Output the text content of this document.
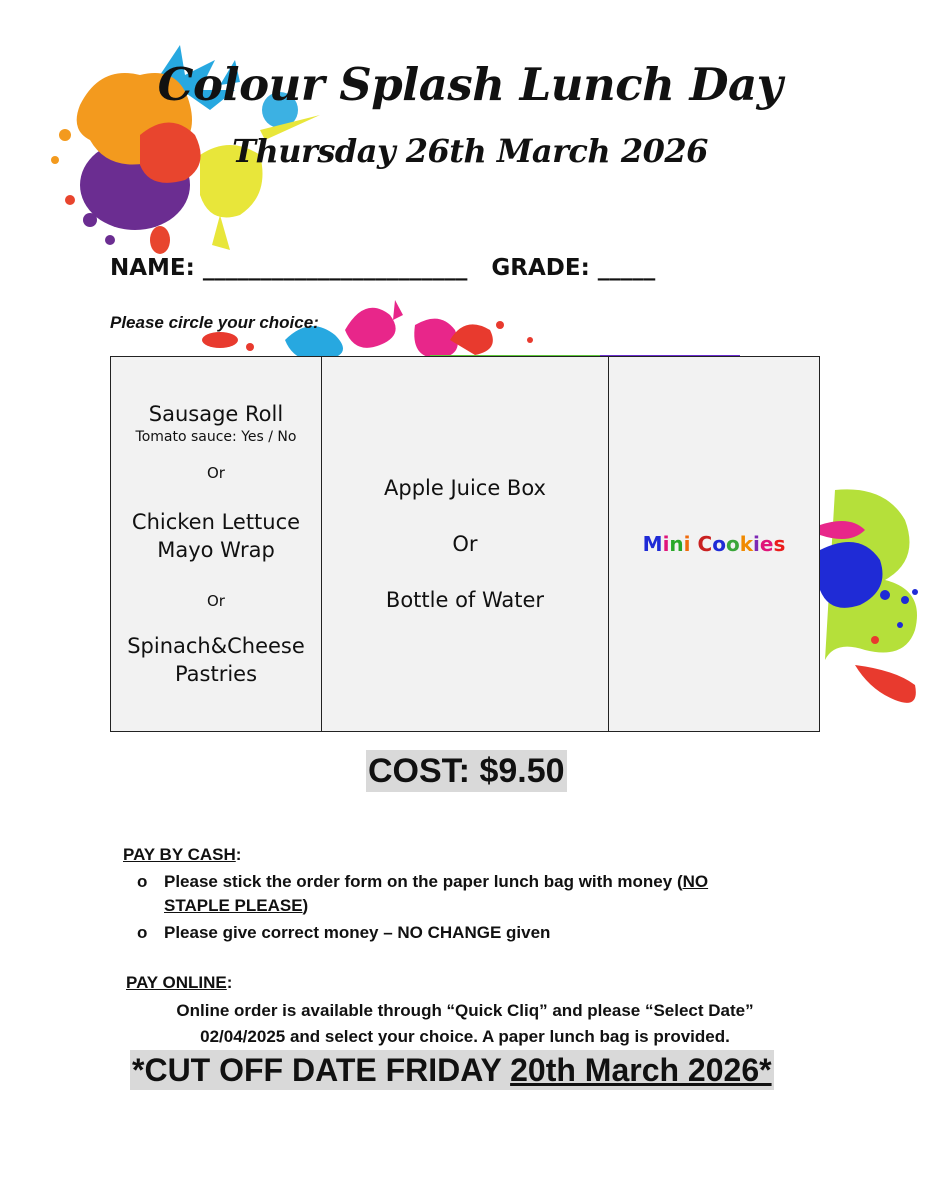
Colour Splash Lunch Day
Thursday 26th March 2026
NAME: _______________________   GRADE: _____
Please circle your choice:
Sausage Roll
Tomato sauce: Yes / No
Or
Chicken Lettuce
Mayo Wrap
Or
Spinach&Cheese
Pastries
Apple Juice Box
Or
Bottle of Water
Mini Cookies
COST: $9.50
PAY BY CASH:
o Please stick the order form on the paper lunch bag with money (NO
STAPLE PLEASE)
o Please give correct money – NO CHANGE given
PAY ONLINE:
Online order is available through “Quick Cliq” and please “Select Date”
02/04/2025 and select your choice. A paper lunch bag is provided.
*CUT OFF DATE FRIDAY 20th March 2026*
